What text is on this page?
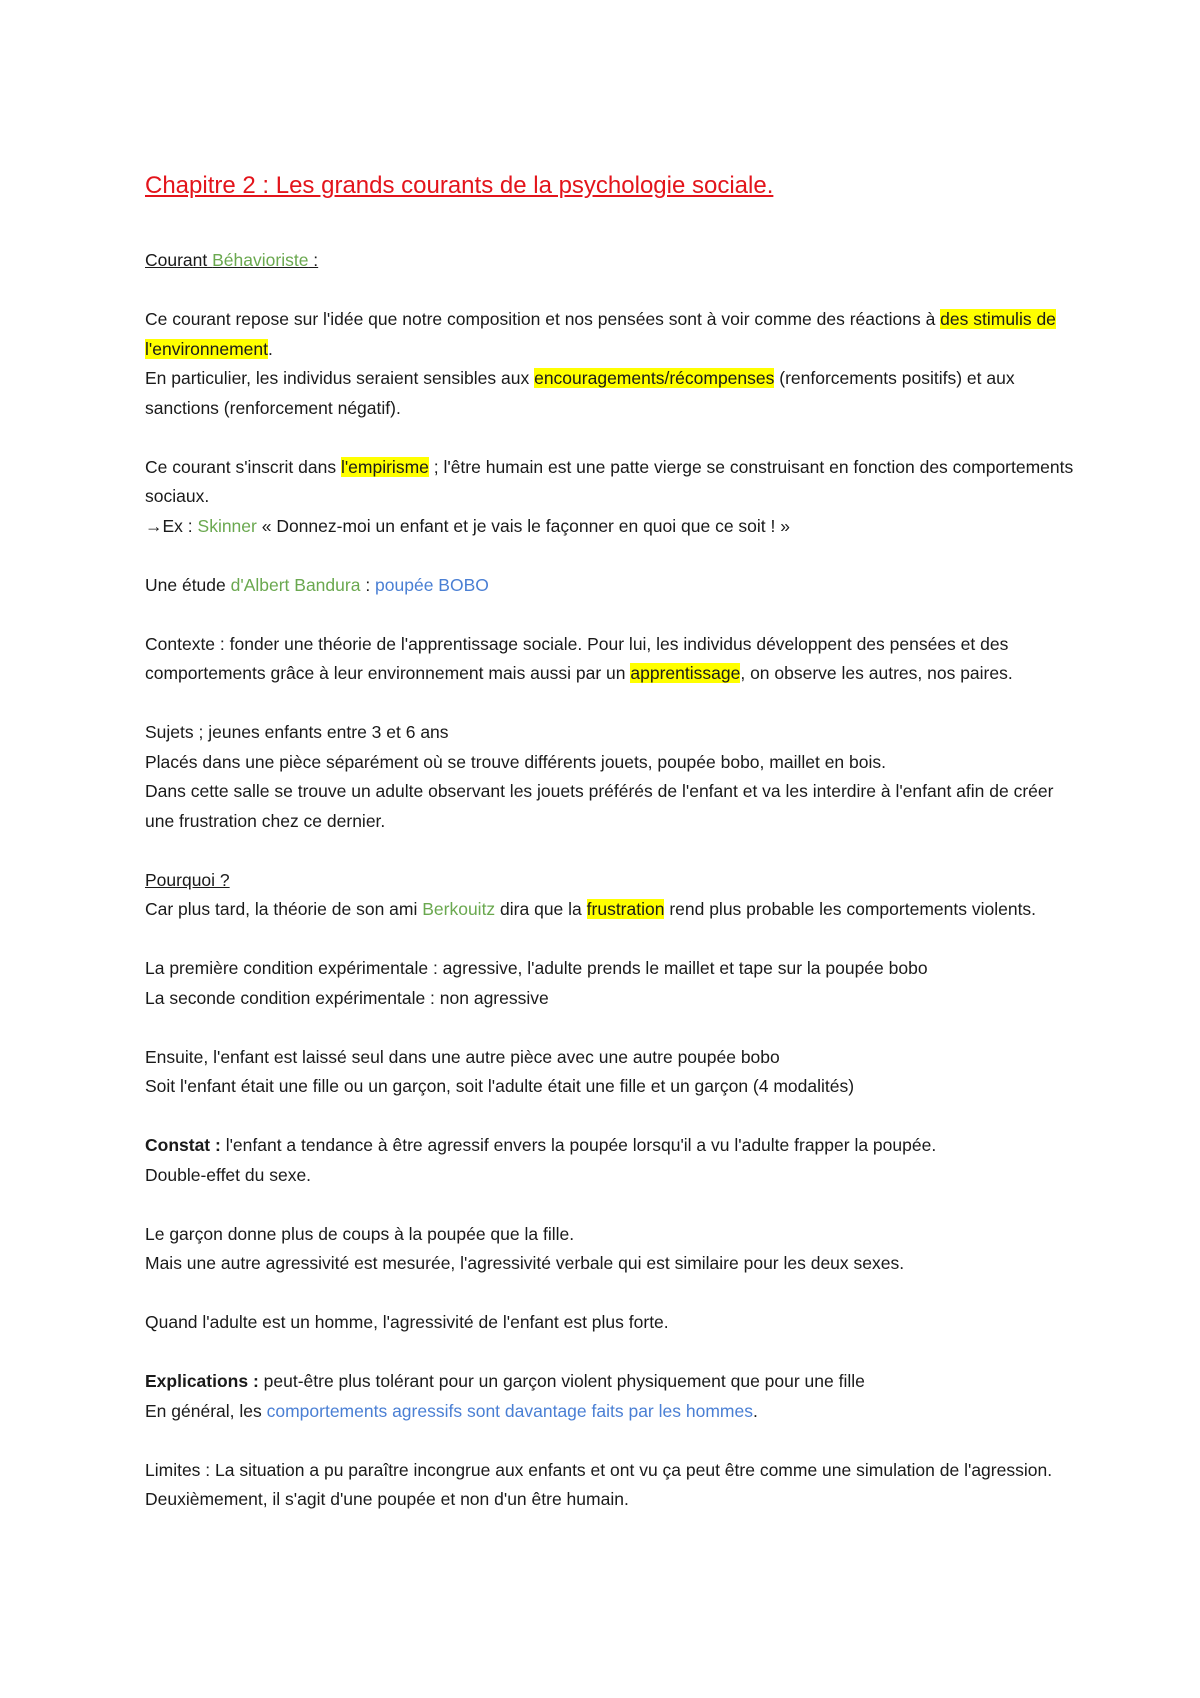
Chapitre 2 : Les grands courants de la psychologie sociale.

Courant Béhavioriste :

Ce courant repose sur l'idée que notre composition et nos pensées sont à voir comme des réactions à des stimulis de l'environnement.
En particulier, les individus seraient sensibles aux encouragements/récompenses (renforcements positifs) et aux sanctions (renforcement négatif).

Ce courant s'inscrit dans l'empirisme ; l'être humain est une patte vierge se construisant en fonction des comportements sociaux.
→Ex : Skinner « Donnez-moi un enfant et je vais le façonner en quoi que ce soit ! »

Une étude d'Albert Bandura : poupée BOBO

Contexte : fonder une théorie de l'apprentissage sociale. Pour lui, les individus développent des pensées et des comportements grâce à leur environnement mais aussi par un apprentissage, on observe les autres, nos paires.

Sujets ; jeunes enfants entre 3 et 6 ans
Placés dans une pièce séparément où se trouve différents jouets, poupée bobo, maillet en bois.
Dans cette salle se trouve un adulte observant les jouets préférés de l'enfant et va les interdire à l'enfant afin de créer une frustration chez ce dernier.

Pourquoi ?
Car plus tard, la théorie de son ami Berkouitz dira que la frustration rend plus probable les comportements violents.

La première condition expérimentale : agressive, l'adulte prends le maillet et tape sur la poupée bobo
La seconde condition expérimentale : non agressive

Ensuite, l'enfant est laissé seul dans une autre pièce avec une autre poupée bobo
Soit l'enfant était une fille ou un garçon, soit l'adulte était une fille et un garçon (4 modalités)

Constat : l'enfant a tendance à être agressif envers la poupée lorsqu'il a vu l'adulte frapper la poupée.
Double-effet du sexe.

Le garçon donne plus de coups à la poupée que la fille.
Mais une autre agressivité est mesurée, l'agressivité verbale qui est similaire pour les deux sexes.

Quand l'adulte est un homme, l'agressivité de l'enfant est plus forte.

Explications : peut-être plus tolérant pour un garçon violent physiquement que pour une fille
En général, les comportements agressifs sont davantage faits par les hommes.

Limites : La situation a pu paraître incongrue aux enfants et ont vu ça peut être comme une simulation de l'agression. Deuxièmement, il s'agit d'une poupée et non d'un être humain.
